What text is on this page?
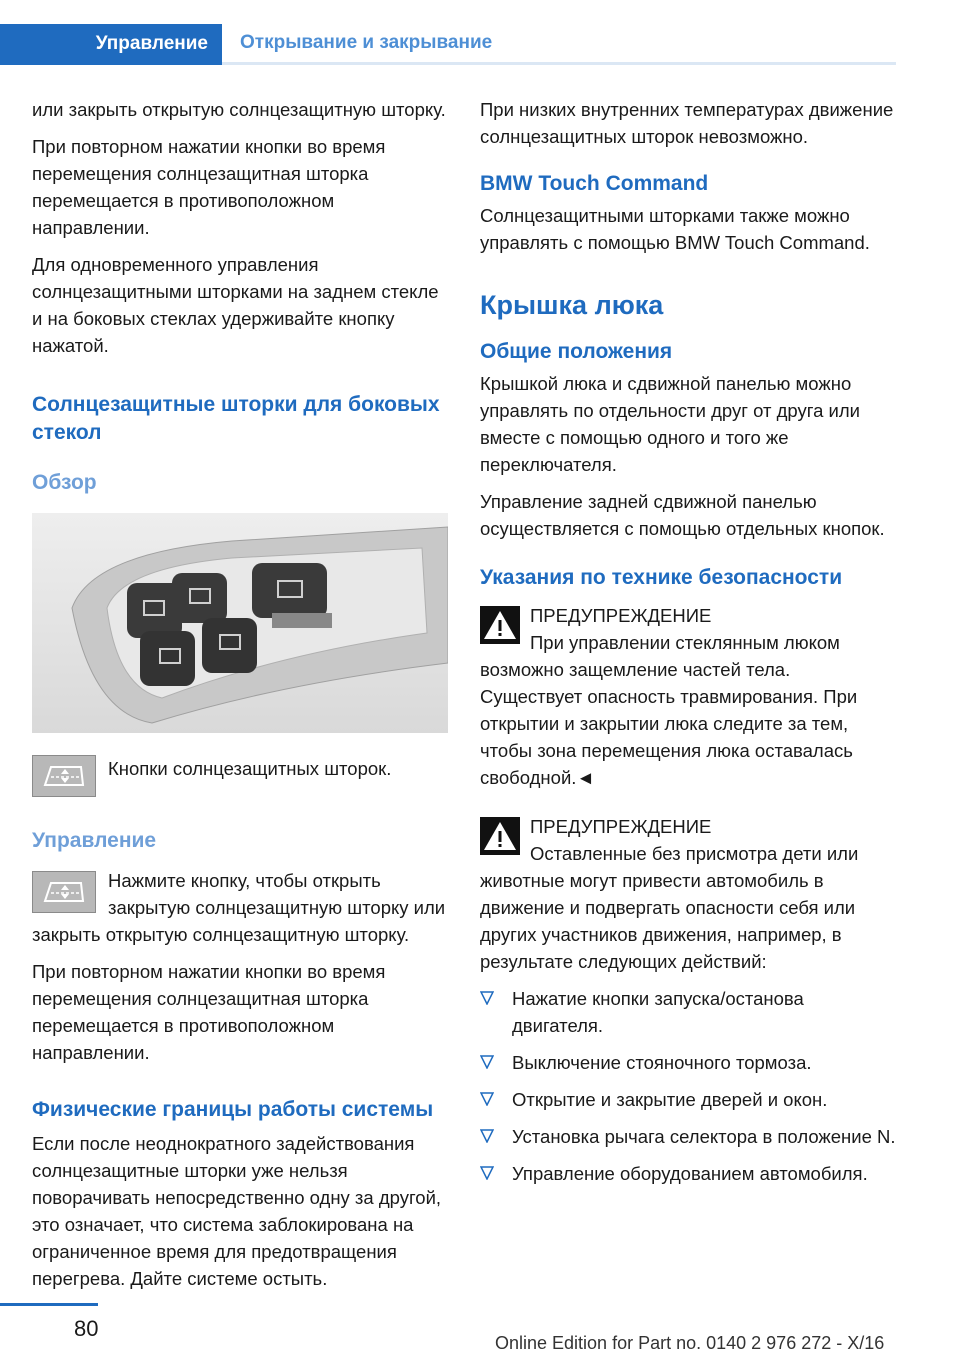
Управление	Открывание и закрывание

или закрыть открытую солнцезащитную шторку.

При повторном нажатии кнопки во время перемещения солнцезащитная шторка перемещается в противоположном направлении.

Для одновременного управления солнцезащитными шторками на заднем стекле и на боковых стеклах удерживайте кнопку нажатой.

Солнцезащитные шторки для боковых стекол
Обзор

Кнопки солнцезащитных шторок.

Управление

Нажмите кнопку, чтобы открыть закрытую солнцезащитную шторку или закрыть открытую солнцезащитную шторку.

При повторном нажатии кнопки во время перемещения солнцезащитная шторка перемещается в противоположном направлении.

Физические границы работы системы

Если после неоднократного задействования солнцезащитные шторки уже нельзя поворачивать непосредственно одну за другой, это означает, что система заблокирована на ограниченное время для предотвращения перегрева. Дайте системе остыть.

При низких внутренних температурах движение солнцезащитных шторок невозможно.

BMW Touch Command

Солнцезащитными шторками также можно управлять с помощью BMW Touch Command.

Крышка люка
Общие положения

Крышкой люка и сдвижной панелью можно управлять по отдельности друг от друга или вместе с помощью одного и того же переключателя.

Управление задней сдвижной панелью осуществляется с помощью отдельных кнопок.

Указания по технике безопасности

ПРЕДУПРЕЖДЕНИЕ

При управлении стеклянным люком возможно защемление частей тела. Существует опасность травмирования. При открытии и закрытии люка следите за тем, чтобы зона перемещения люка оставалась свободной.◄

ПРЕДУПРЕЖДЕНИЕ

Оставленные без присмотра дети или животные могут привести автомобиль в движение и подвергать опасности себя или других участников движения, например, в результате следующих действий:

Нажатие кнопки запуска/останова двигателя.
Выключение стояночного тормоза.
Открытие и закрытие дверей и окон.
Установка рычага селектора в положение N.
Управление оборудованием автомобиля.
80
Online Edition for Part no. 0140 2 976 272 - X/16
